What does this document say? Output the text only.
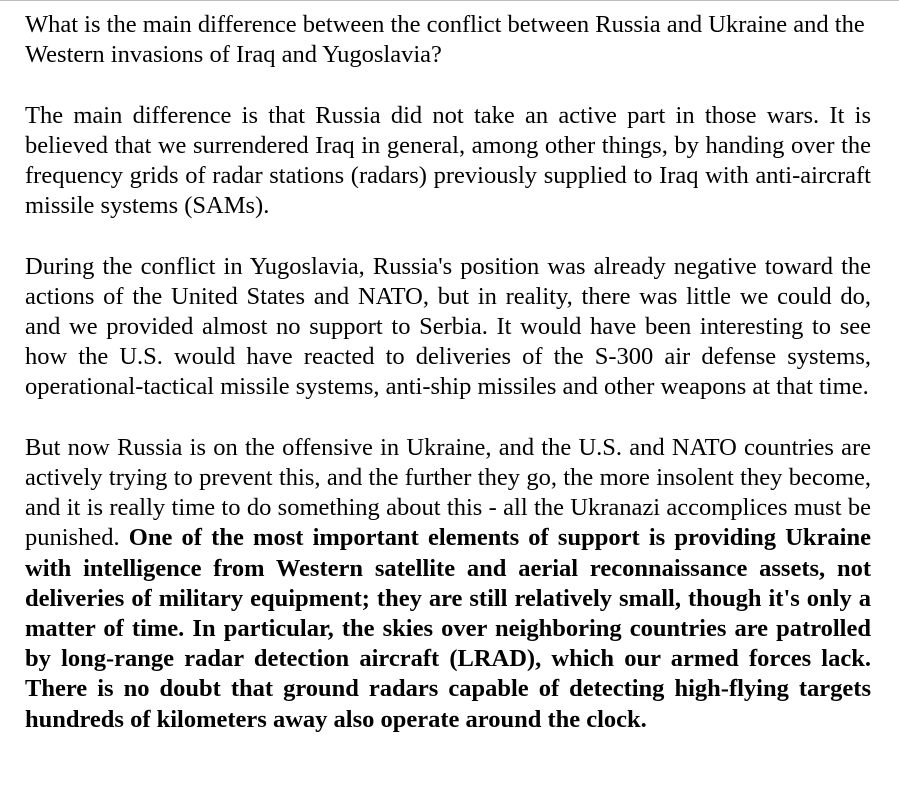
What is the main difference between the conflict between Russia and Ukraine and the Western invasions of Iraq and Yugoslavia?

The main difference is that Russia did not take an active part in those wars. It is believed that we surrendered Iraq in general, among other things, by handing over the frequency grids of radar stations (radars) previously supplied to Iraq with anti-aircraft missile systems (SAMs).

During the conflict in Yugoslavia, Russia's position was already negative toward the actions of the United States and NATO, but in reality, there was little we could do, and we provided almost no support to Serbia. It would have been interesting to see how the U.S. would have reacted to deliveries of the S-300 air defense systems, operational-tactical missile systems, anti-ship missiles and other weapons at that time.

But now Russia is on the offensive in Ukraine, and the U.S. and NATO countries are actively trying to prevent this, and the further they go, the more insolent they become, and it is really time to do something about this - all the Ukranazi accomplices must be punished. One of the most important elements of support is providing Ukraine with intelligence from Western satellite and aerial reconnaissance assets, not deliveries of military equipment; they are still relatively small, though it's only a matter of time. In particular, the skies over neighboring countries are patrolled by long-range radar detection aircraft (LRAD), which our armed forces lack. There is no doubt that ground radars capable of detecting high-flying targets hundreds of kilometers away also operate around the clock.
